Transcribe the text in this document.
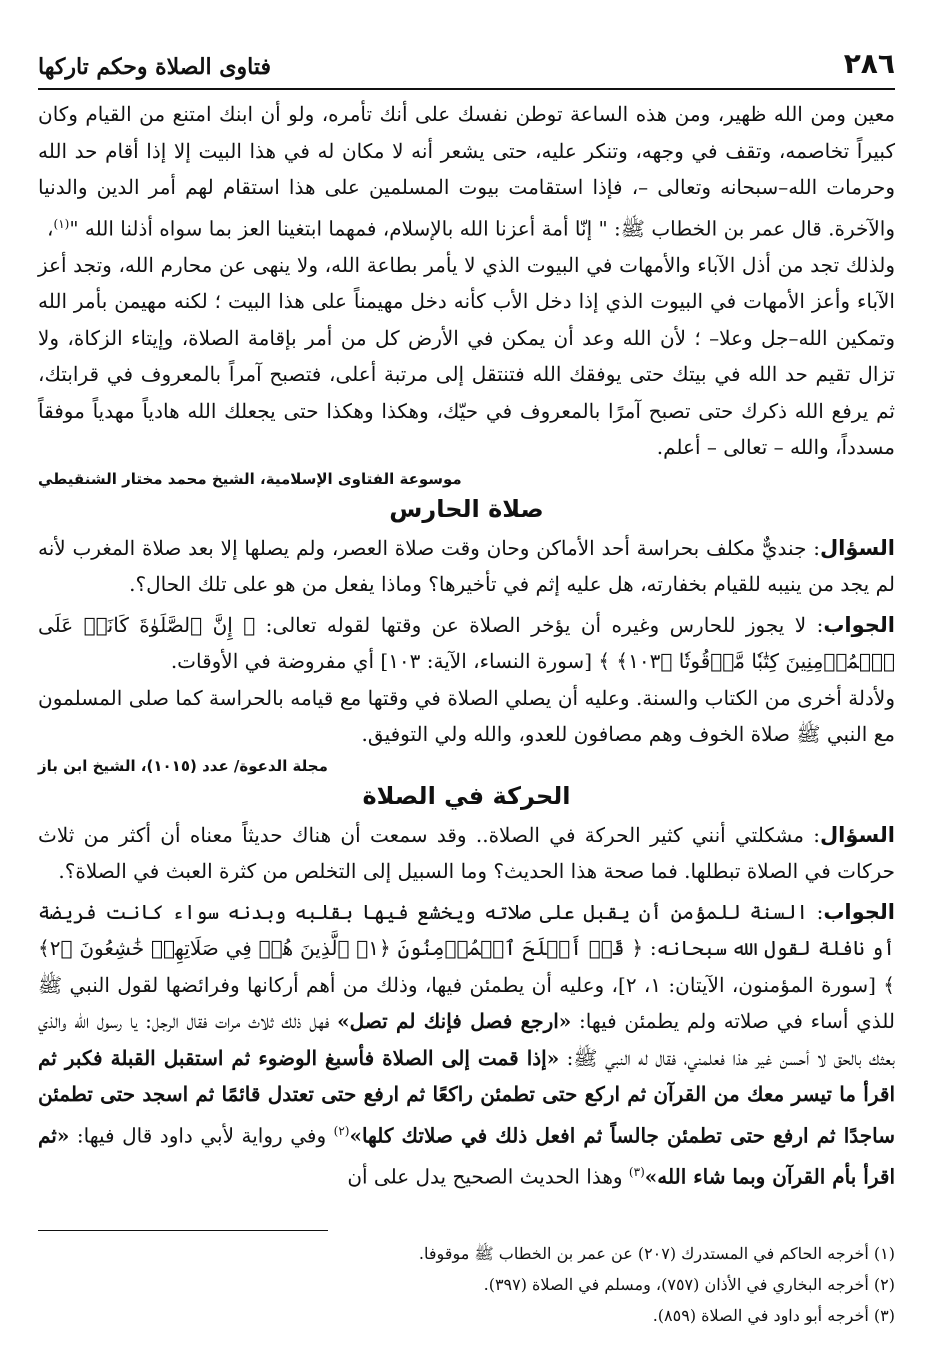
٢٨٦
فتاوى الصلاة وحكم تاركها

معين ومن الله ظهير، ومن هذه الساعة توطن نفسك على أنك تأمره، ولو أن ابنك امتنع من القيام وكان كبيراً تخاصمه، وتقف في وجهه، وتنكر عليه، حتى يشعر أنه لا مكان له في هذا البيت إلا إذا أقام حد الله وحرمات الله–سبحانه وتعالى –، فإذا استقامت بيوت المسلمين على هذا استقام لهم أمر الدين والدنيا والآخرة. قال عمر بن الخطاب ﷺ: " إنّا أمة أعزنا الله بالإسلام، فمهما ابتغينا العز بما سواه أذلنا الله "$^{(١)}$،

ولذلك تجد من أذل الآباء والأمهات في البيوت الذي لا يأمر بطاعة الله، ولا ينهى عن محارم الله، وتجد أعز الآباء وأعز الأمهات في البيوت الذي إذا دخل الأب كأنه دخل مهيمناً على هذا البيت ؛ لكنه مهيمن بأمر الله وتمكين الله–جل وعلا– ؛ لأن الله وعد أن يمكن في الأرض كل من أمر بإقامة الصلاة، وإيتاء الزكاة، ولا تزال تقيم حد الله في بيتك حتى يوفقك الله فتنتقل إلى مرتبة أعلى، فتصبح آمراً بالمعروف في قرابتك، ثم يرفع الله ذكرك حتى تصبح آمرًا بالمعروف في حيّك، وهكذا وهكذا حتى يجعلك الله هادياً مهدياً موفقاً مسدداً، والله – تعالى – أعلم.

موسوعة الفتاوى الإسلامية، الشيخ محمد مختار الشنقيطي
صلاة الحارس

السؤال: جنديٌّ مكلف بحراسة أحد الأماكن وحان وقت صلاة العصر، ولم يصلها إلا بعد صلاة المغرب لأنه لم يجد من ينيبه للقيام بخفارته، هل عليه إثم في تأخيرها؟ وماذا يفعل من هو على تلك الحال؟.

الجواب: لا يجوز للحارس وغيره أن يؤخر الصلاة عن وقتها لقوله تعالى: ﴿ إِنَّ ٱلصَّلَوٰةَ كَانَتۡ عَلَى ٱلۡمُؤۡمِنِينَ كِتَٰبٗا مَّوۡقُوتٗا ﴿١٠٣﴾ ﴾ [سورة النساء، الآية: ١٠٣] أي مفروضة في الأوقات.

ولأدلة أخرى من الكتاب والسنة. وعليه أن يصلي الصلاة في وقتها مع قيامه بالحراسة كما صلى المسلمون مع النبي ﷺ صلاة الخوف وهم مصافون للعدو، والله ولي التوفيق.

مجلة الدعوة/ عدد (١٠١٥)، الشيخ ابن باز
الحركة في الصلاة

السؤال: مشكلتي أنني كثير الحركة في الصلاة.. وقد سمعت أن هناك حديثاً معناه أن أكثر من ثلاث حركات في الصلاة تبطلها. فما صحة هذا الحديث؟ وما السبيل إلى التخلص من كثرة العبث في الصلاة؟.

الجواب: السنة للمؤمن أن يقبل على صلاته ويخشع فيها بقلبه وبدنه سواء كانت فريضة أو نافلة لقول الله سبحانه: ﴿ قَدۡ أَفۡلَحَ ٱلۡمُؤۡمِنُونَ ﴿١﴾ ٱلَّذِينَ هُمۡ فِي صَلَاتِهِمۡ خَٰشِعُونَ ﴿٢﴾ ﴾ [سورة المؤمنون، الآيتان: ١، ٢]، وعليه أن يطمئن فيها، وذلك من أهم أركانها وفرائضها لقول النبي ﷺ للذي أساء في صلاته ولم يطمئن فيها: «ارجع فصل فإنك لم تصل» فهل ذلك ثلاث مرات فقال الرجل: يا رسول الله والذي بعثك بالحق لا أحسن غير هذا فعلمني، فقال له النبي ﷺ: «إذا قمت إلى الصلاة فأسبغ الوضوء ثم استقبل القبلة فكبر ثم اقرأ ما تيسر معك من القرآن ثم اركع حتى تطمئن راكعًا ثم ارفع حتى تعتدل قائمًا ثم اسجد حتى تطمئن ساجدًا ثم ارفع حتى تطمئن جالساً ثم افعل ذلك في صلاتك كلها»$^{(٢)}$ وفي رواية لأبي داود قال فيها: «ثم اقرأ بأم القرآن وبما شاء الله»$^{(٣)}$ وهذا الحديث الصحيح يدل على أن

(١) أخرجه الحاكم في المستدرك (٢٠٧) عن عمر بن الخطاب ﷺ موقوفا.
(٢) أخرجه البخاري في الأذان (٧٥٧)، ومسلم في الصلاة (٣٩٧).
(٣) أخرجه أبو داود في الصلاة (٨٥٩).
